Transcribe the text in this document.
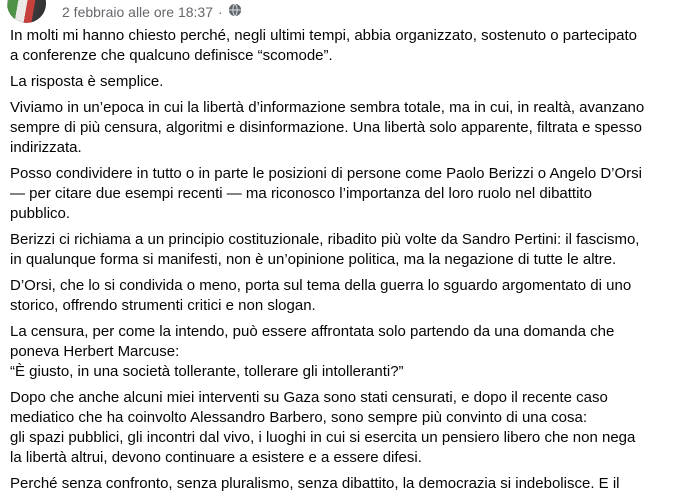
2 febbraio alle ore 18:37 ·
In molti mi hanno chiesto perché, negli ultimi tempi, abbia organizzato, sostenuto o partecipato
a conferenze che qualcuno definisce “scomode”.
La risposta è semplice.
Viviamo in un’epoca in cui la libertà d’informazione sembra totale, ma in cui, in realtà, avanzano
sempre di più censura, algoritmi e disinformazione. Una libertà solo apparente, filtrata e spesso
indirizzata.
Posso condividere in tutto o in parte le posizioni di persone come Paolo Berizzi o Angelo D’Orsi
— per citare due esempi recenti — ma riconosco l’importanza del loro ruolo nel dibattito
pubblico.
Berizzi ci richiama a un principio costituzionale, ribadito più volte da Sandro Pertini: il fascismo,
in qualunque forma si manifesti, non è un’opinione politica, ma la negazione di tutte le altre.
D’Orsi, che lo si condivida o meno, porta sul tema della guerra lo sguardo argomentato di uno
storico, offrendo strumenti critici e non slogan.
La censura, per come la intendo, può essere affrontata solo partendo da una domanda che
poneva Herbert Marcuse:
“È giusto, in una società tollerante, tollerare gli intolleranti?”
Dopo che anche alcuni miei interventi su Gaza sono stati censurati, e dopo il recente caso
mediatico che ha coinvolto Alessandro Barbero, sono sempre più convinto di una cosa:
gli spazi pubblici, gli incontri dal vivo, i luoghi in cui si esercita un pensiero libero che non nega
la libertà altrui, devono continuare a esistere e a essere difesi.
Perché senza confronto, senza pluralismo, senza dibattito, la democrazia si indebolisce. E il
